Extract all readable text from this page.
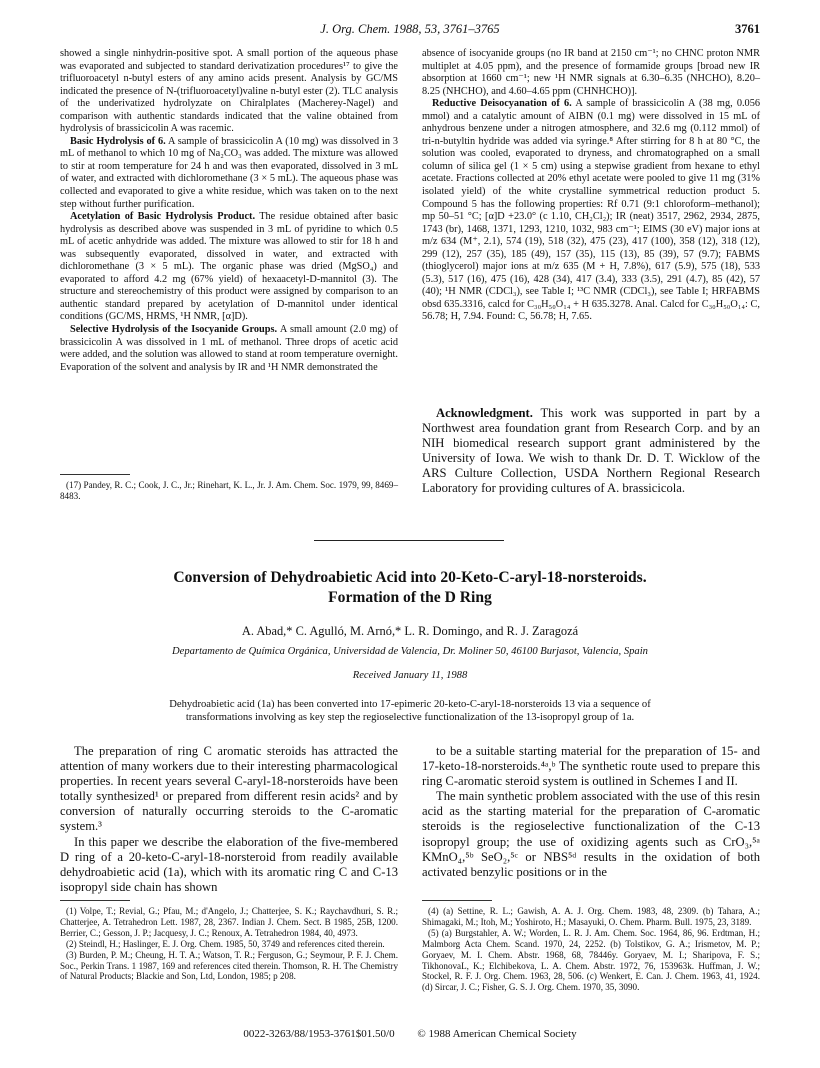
J. Org. Chem. 1988, 53, 3761–3765	3761

showed a single ninhydrin-positive spot. A small portion of the aqueous phase was evaporated and subjected to standard derivatization procedures¹⁷ to give the trifluoroacetyl n-butyl esters of any amino acids present. Analysis by GC/MS indicated the presence of N-(trifluoroacetyl)valine n-butyl ester (2). TLC analysis of the underivatized hydrolyzate on Chiralplates (Macherey-Nagel) and comparison with authentic standards indicated that the valine obtained from hydrolysis of brassicicolin A was racemic.

Basic Hydrolysis of 6. A sample of brassicicolin A (10 mg) was dissolved in 3 mL of methanol to which 10 mg of Na₂CO₃ was added. The mixture was allowed to stir at room temperature for 24 h and was then evaporated, dissolved in 3 mL of water, and extracted with dichloromethane (3 × 5 mL). The aqueous phase was collected and evaporated to give a white residue, which was taken on to the next step without further purification.

Acetylation of Basic Hydrolysis Product. The residue obtained after basic hydrolysis as described above was suspended in 3 mL of pyridine to which 0.5 mL of acetic anhydride was added. The mixture was allowed to stir for 18 h and was subsequently evaporated, dissolved in water, and extracted with dichloromethane (3 × 5 mL). The organic phase was dried (MgSO₄) and evaporated to afford 4.2 mg (67% yield) of hexaacetyl-D-mannitol (3). The structure and stereochemistry of this product were assigned by comparison to an authentic standard prepared by acetylation of D-mannitol under identical conditions (GC/MS, HRMS, ¹H NMR, [α]D).

Selective Hydrolysis of the Isocyanide Groups. A small amount (2.0 mg) of brassicicolin A was dissolved in 1 mL of methanol. Three drops of acetic acid were added, and the solution was allowed to stand at room temperature overnight. Evaporation of the solvent and analysis by IR and ¹H NMR demonstrated the

(17) Pandey, R. C.; Cook, J. C., Jr.; Rinehart, K. L., Jr. J. Am. Chem. Soc. 1979, 99, 8469–8483.

absence of isocyanide groups (no IR band at 2150 cm⁻¹; no CHNC proton NMR multiplet at 4.05 ppm), and the presence of formamide groups [broad new IR absorption at 1660 cm⁻¹; new ¹H NMR signals at 6.30–6.35 (NHCHO), 8.20–8.25 (NHCHO), and 4.60–4.65 ppm (CHNHCHO)].

Reductive Deisocyanation of 6. A sample of brassicicolin A (38 mg, 0.056 mmol) and a catalytic amount of AIBN (0.1 mg) were dissolved in 15 mL of anhydrous benzene under a nitrogen atmosphere, and 32.6 mg (0.112 mmol) of tri-n-butyltin hydride was added via syringe.⁸ After stirring for 8 h at 80 °C, the solution was cooled, evaporated to dryness, and chromatographed on a small column of silica gel (1 × 5 cm) using a stepwise gradient from hexane to ethyl acetate. Fractions collected at 20% ethyl acetate were pooled to give 11 mg (31% isolated yield) of the white crystalline symmetrical reduction product 5. Compound 5 has the following properties: Rf 0.71 (9:1 chloroform–methanol); mp 50–51 °C; [α]D +23.0° (c 1.10, CH₂Cl₂); IR (neat) 3517, 2962, 2934, 2875, 1743 (br), 1468, 1371, 1293, 1210, 1032, 983 cm⁻¹; EIMS (30 eV) major ions at m/z 634 (M⁺, 2.1), 574 (19), 518 (32), 475 (23), 417 (100), 358 (12), 318 (12), 299 (12), 257 (35), 185 (49), 157 (35), 115 (13), 85 (39), 57 (9.7); FABMS (thioglycerol) major ions at m/z 635 (M + H, 7.8%), 617 (5.9), 575 (18), 533 (5.3), 517 (16), 475 (16), 428 (34), 417 (3.4), 333 (3.5), 291 (4.7), 85 (42), 57 (40); ¹H NMR (CDCl₃), see Table I; ¹³C NMR (CDCl₃), see Table I; HRFABMS obsd 635.3316, calcd for C₃₀H₅₀O₁₄ + H 635.3278. Anal. Calcd for C₃₀H₅₀O₁₄: C, 56.78; H, 7.94. Found: C, 56.78; H, 7.65.

Acknowledgment. This work was supported in part by a Northwest area foundation grant from Research Corp. and by an NIH biomedical research support grant administered by the University of Iowa. We wish to thank Dr. D. T. Wicklow of the ARS Culture Collection, USDA Northern Regional Research Laboratory for providing cultures of A. brassicicola.

Conversion of Dehydroabietic Acid into 20-Keto-C-aryl-18-norsteroids.
Formation of the D Ring
A. Abad,* C. Agulló, M. Arnó,* L. R. Domingo, and R. J. Zaragozá
Departamento de Química Orgánica, Universidad de Valencia, Dr. Moliner 50, 46100 Burjasot, Valencia, Spain
Received January 11, 1988
Dehydroabietic acid (1a) has been converted into 17-epimeric 20-keto-C-aryl-18-norsteroids 13 via a sequence of transformations involving as key step the regioselective functionalization of the 13-isopropyl group of 1a.

The preparation of ring C aromatic steroids has attracted the attention of many workers due to their interesting pharmacological properties. In recent years several C-aryl-18-norsteroids have been totally synthesized¹ or prepared from different resin acids² and by conversion of naturally occurring steroids to the C-aromatic system.³

In this paper we describe the elaboration of the five-membered D ring of a 20-keto-C-aryl-18-norsteroid from readily available dehydroabietic acid (1a), which with its aromatic ring C and C-13 isopropyl side chain has shown

to be a suitable starting material for the preparation of 15- and 17-keto-18-norsteroids.⁴ᵃ,ᵇ The synthetic route used to prepare this ring C-aromatic steroid system is outlined in Schemes I and II.

The main synthetic problem associated with the use of this resin acid as the starting material for the preparation of C-aromatic steroids is the regioselective functionalization of the C-13 isopropyl group; the use of oxidizing agents such as CrO₃,⁵ᵃ KMnO₄,⁵ᵇ SeO₂,⁵ᶜ or NBS⁵ᵈ results in the oxidation of both activated benzylic positions or in the

(1) Volpe, T.; Revial, G.; Pfau, M.; d'Angelo, J.; Chatterjee, S. K.; Raychavdhuri, S. R.; Chatterjee, A. Tetrahedron Lett. 1987, 28, 2367. Indian J. Chem. Sect. B 1985, 25B, 1200. Berrier, C.; Gesson, J. P.; Jacquesy, J. C.; Renoux, A. Tetrahedron 1984, 40, 4973.

(2) Steindl, H.; Haslinger, E. J. Org. Chem. 1985, 50, 3749 and references cited therein.

(3) Burden, P. M.; Cheung, H. T. A.; Watson, T. R.; Ferguson, G.; Seymour, P. F. J. Chem. Soc., Perkin Trans. 1 1987, 169 and references cited therein. Thomson, R. H. The Chemistry of Natural Products; Blackie and Son, Ltd, London, 1985; p 208.

(4) (a) Settine, R. L.; Gawish, A. A. J. Org. Chem. 1983, 48, 2309. (b) Tahara, A.; Shimagaki, M.; Itoh, M.; Yoshiroto, H.; Masayuki, O. Chem. Pharm. Bull. 1975, 23, 3189.

(5) (a) Burgstahler, A. W.; Worden, L. R. J. Am. Chem. Soc. 1964, 86, 96. Erdtman, H.; Malmborg Acta Chem. Scand. 1970, 24, 2252. (b) Tolstikov, G. A.; Irismetov, M. P.; Goryaev, M. I. Chem. Abstr. 1968, 68, 78446y. Goryaev, M. I.; Sharipova, F. S.; TikhonovaL, K.; Elchibekova, L. A. Chem. Abstr. 1972, 76, 153963k. Huffman, J. W.; Stockel, R. F. J. Org. Chem. 1963, 28, 506. (c) Wenkert, E. Can. J. Chem. 1963, 41, 1924. (d) Sircar, J. C.; Fisher, G. S. J. Org. Chem. 1970, 35, 3090.

0022-3263/88/1953-3761$01.50/0 © 1988 American Chemical Society
